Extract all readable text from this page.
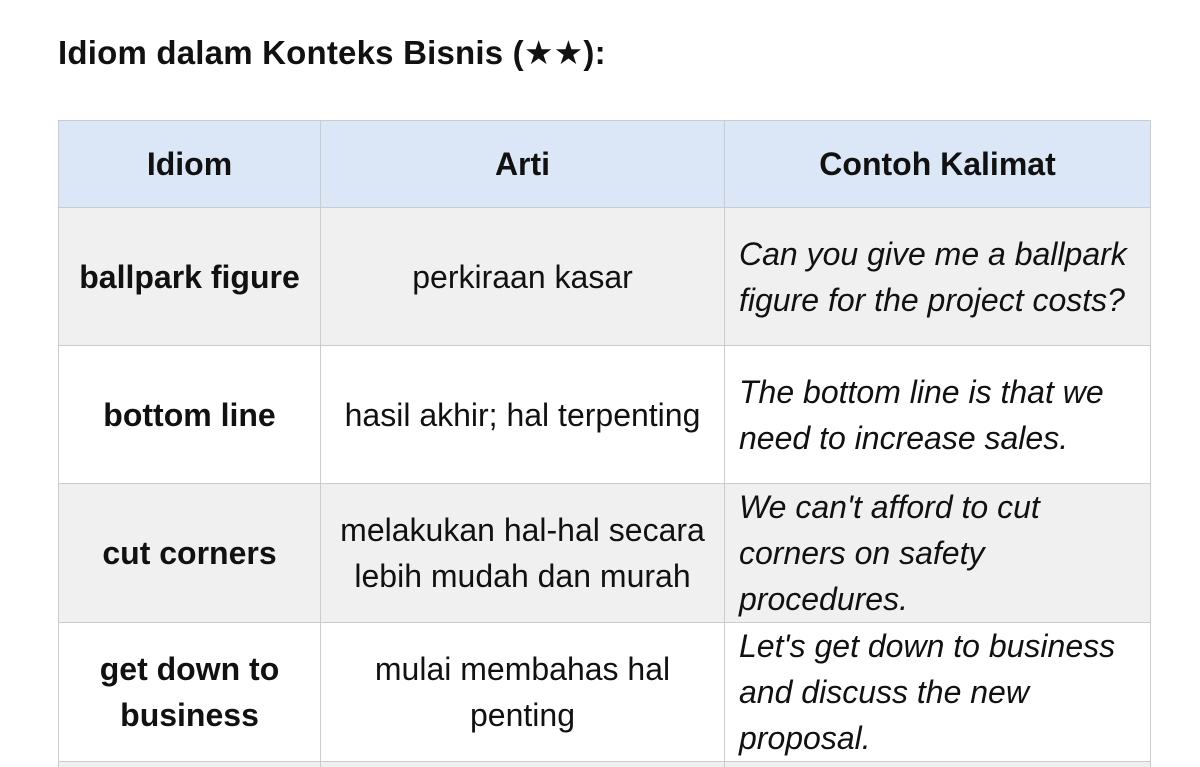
Idiom dalam Konteks Bisnis (★★):
Idiom	Arti	Contoh Kalimat
ballpark figure	perkiraan kasar	Can you give me a ballpark figure for the project costs?
bottom line	hasil akhir; hal terpenting	The bottom line is that we need to increase sales.
cut corners	melakukan hal-hal secara lebih mudah dan murah	We can't afford to cut corners on safety procedures.
get down to business	mulai membahas hal penting	Let's get down to business and discuss the new proposal.
